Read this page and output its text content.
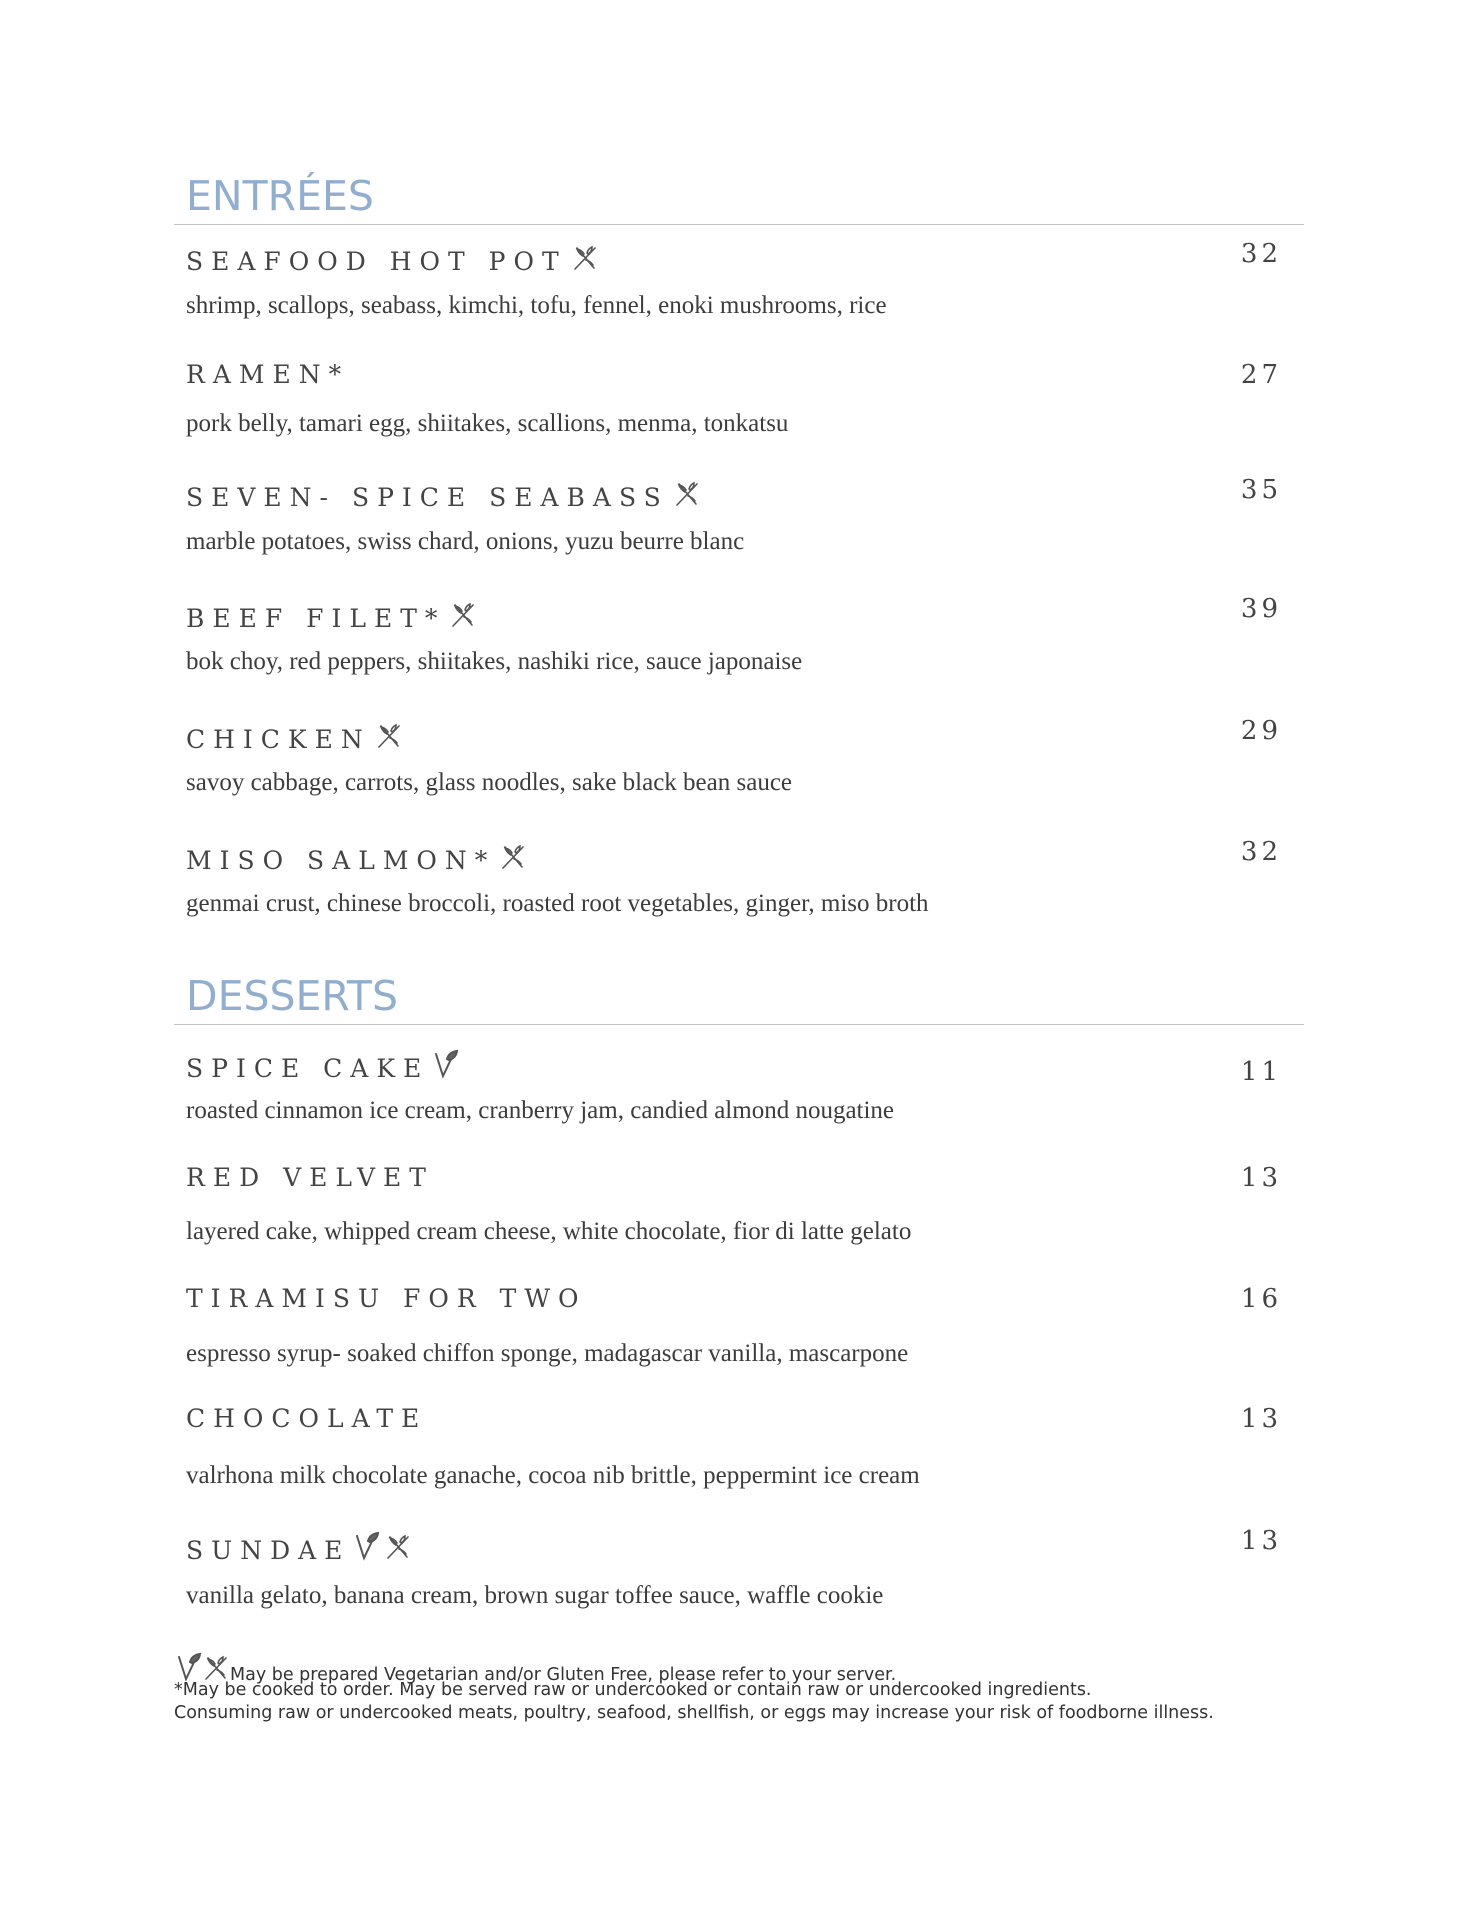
ENTRÉES
SEAFOOD HOT POT	32
shrimp, scallops, seabass, kimchi, tofu, fennel, enoki mushrooms, rice
RAMEN*	27
pork belly, tamari egg, shiitakes, scallions, menma, tonkatsu
SEVEN- SPICE SEABASS	35
marble potatoes, swiss chard, onions, yuzu beurre blanc
BEEF FILET*	39
bok choy, red peppers, shiitakes, nashiki rice, sauce japonaise
CHICKEN	29
savoy cabbage, carrots, glass noodles, sake black bean sauce
MISO SALMON*	32
genmai crust, chinese broccoli, roasted root vegetables, ginger, miso broth
DESSERTS
SPICE CAKE	11
roasted cinnamon ice cream, cranberry jam, candied almond nougatine
RED VELVET	13
layered cake, whipped cream cheese, white chocolate, fior di latte gelato
TIRAMISU FOR TWO	16
espresso syrup- soaked chiffon sponge, madagascar vanilla, mascarpone
CHOCOLATE	13
valrhona milk chocolate ganache, cocoa nib brittle, peppermint ice cream
SUNDAE	13
vanilla gelato, banana cream, brown sugar toffee sauce, waffle cookie

May be prepared Vegetarian and/or Gluten Free, please refer to your server.

*May be cooked to order. May be served raw or undercooked or contain raw or undercooked ingredients.

Consuming raw or undercooked meats, poultry, seafood, shellfish, or eggs may increase your risk of foodborne illness.
